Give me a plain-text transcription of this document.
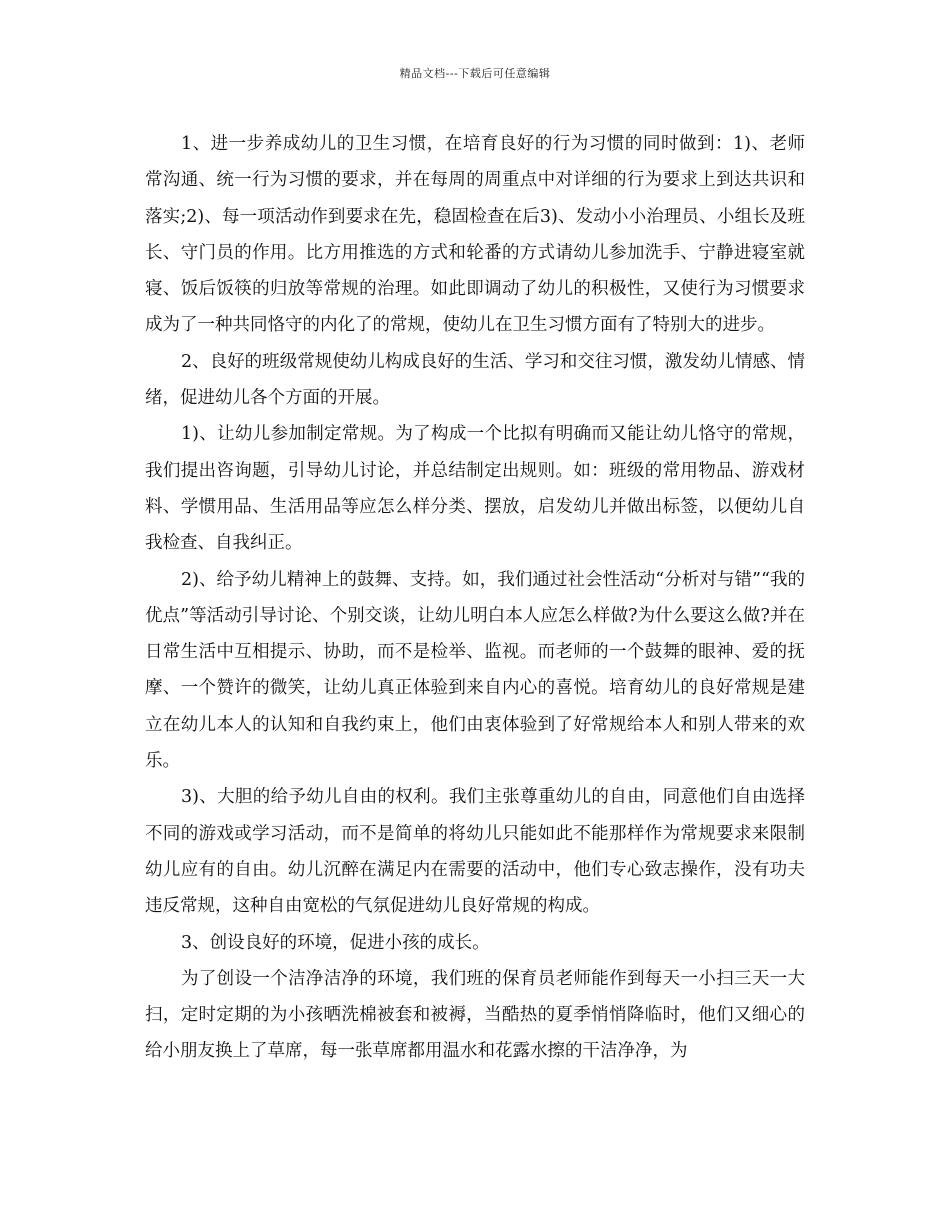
精品文档---下载后可任意编辑

1、进一步养成幼儿的卫生习惯，在培育良好的行为习惯的同时做到：1)、老师常沟通、统一行为习惯的要求，并在每周的周重点中对详细的行为要求上到达共识和落实;2)、每一项活动作到要求在先，稳固检查在后3)、发动小小治理员、小组长及班长、守门员的作用。比方用推选的方式和轮番的方式请幼儿参加洗手、宁静进寝室就寝、饭后饭筷的归放等常规的治理。如此即调动了幼儿的积极性，又使行为习惯要求成为了一种共同恪守的内化了的常规，使幼儿在卫生习惯方面有了特别大的进步。

2、良好的班级常规使幼儿构成良好的生活、学习和交往习惯，激发幼儿情感、情绪，促进幼儿各个方面的开展。

1)、让幼儿参加制定常规。为了构成一个比拟有明确而又能让幼儿恪守的常规，我们提出咨询题，引导幼儿讨论，并总结制定出规则。如：班级的常用物品、游戏材料、学惯用品、生活用品等应怎么样分类、摆放，启发幼儿并做出标签，以便幼儿自我检查、自我纠正。

2)、给予幼儿精神上的鼓舞、支持。如，我们通过社会性活动“分析对与错”“我的优点”等活动引导讨论、个别交谈，让幼儿明白本人应怎么样做?为什么要这么做?并在日常生活中互相提示、协助，而不是检举、监视。而老师的一个鼓舞的眼神、爱的抚摩、一个赞许的微笑，让幼儿真正体验到来自内心的喜悦。培育幼儿的良好常规是建立在幼儿本人的认知和自我约束上，他们由衷体验到了好常规给本人和别人带来的欢乐。

3)、大胆的给予幼儿自由的权利。我们主张尊重幼儿的自由，同意他们自由选择不同的游戏或学习活动，而不是简单的将幼儿只能如此不能那样作为常规要求来限制幼儿应有的自由。幼儿沉醉在满足内在需要的活动中，他们专心致志操作，没有功夫违反常规，这种自由宽松的气氛促进幼儿良好常规的构成。

3、创设良好的环境，促进小孩的成长。

为了创设一个洁净洁净的环境，我们班的保育员老师能作到每天一小扫三天一大扫，定时定期的为小孩晒洗棉被套和被褥，当酷热的夏季悄悄降临时，他们又细心的给小朋友换上了草席，每一张草席都用温水和花露水擦的干洁净净，为
